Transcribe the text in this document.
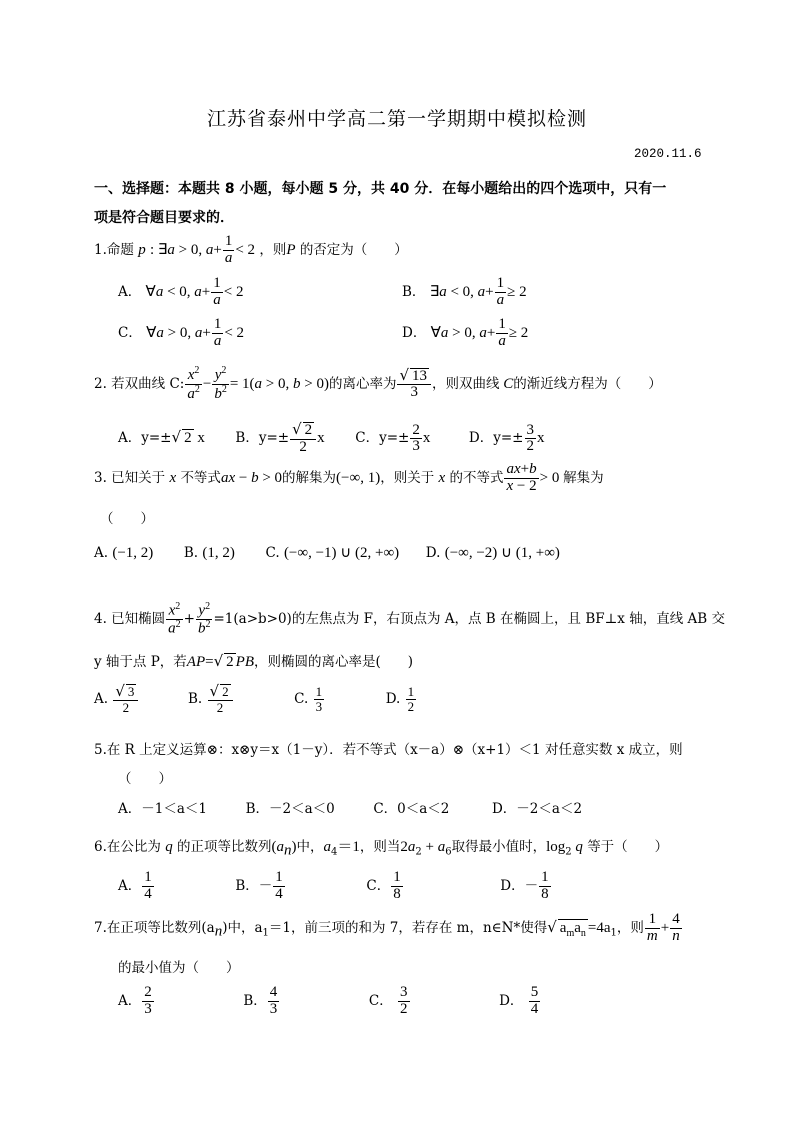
江苏省泰州中学高二第一学期期中模拟检测
2020.11.6
一、选择题：本题共 8 小题，每小题 5 分，共 40 分．在每小题给出的四个选项中，只有一
项是符合题目要求的．
1.命题 p : ∃a > 0, $a+ \frac{1}{a} < 2$ ，则P 的否定为（　　）
A． ∀a < 0, $a+ \frac{1}{a} < 2$	B． ∃a < 0, $a+ \frac{1}{a} \ge 2$
C． ∀a > 0, $a+ \frac{1}{a} < 2$	D． ∀a > 0, $a+ \frac{1}{a} \ge 2$
2. 若双曲线 C: $\frac{x^2}{a^2} - \frac{y^2}{b^2} = 1(a > 0$, b > 0)的离心率为 $\frac{√ 13}{3}$ ，则双曲线 C的渐近线方程为（　　）
A．y=±√ 2 x B．$y=\pm \frac{√ 2}{2}$ x C．$y=\pm \frac{2}{3}$ x	D．$y=\pm \frac{3}{2}$ x
3. 已知关于 x 不等式ax − b > 0的解集为(−∞, 1)，则关于 x 的不等式 $\frac{ax+b}{x - 2} > 0$ 解集为
（　　）
A. (−1, 2) B. (1, 2) C. (−∞, −1) ∪ (2, +∞) D. (−∞, −2) ∪ (1, +∞)
4. 已知椭圆 $\frac{x^2}{a^2} + \frac{y^2}{b^2} =1(a>b>0)$的左焦点为 F，右顶点为 A，点 B 在椭圆上，且 BF⊥x 轴，直线 AB 交
y 轴于点 P，若AP=√ 2 PB，则椭圆的离心率是(　　)
A. $\frac{√ 3}{2}$	B. $\frac{√ 2}{2}$	C. $\frac{1}{3}$	D. $\frac{1}{2}$
5.在 R 上定义运算⊗：x⊗y＝x（1－y）．若不等式（x－a）⊗（x+1）＜1 对任意实数 x 成立，则
（　　）
A．－1＜a＜1	B．－2＜a＜0	C．0＜a＜2	D．－2＜a＜2
6.在公比为 q 的正项等比数列$(a_n)$中，$a_4=1$，则当$2a_2 + a_6$取得最小值时，$\log_2 q$ 等于（　　）
A． $\frac{1}{4}$	B．－ $\frac{1}{4}$	C． $\frac{1}{8}$	D．－ $\frac{1}{8}$
7.在正项等比数列$(a_n)$中，$a_1=1$，前三项的和为 7，若存在 m，n∈N*使得√ $a_ma_n =4a_1$，则 $\frac{1}{m} + \frac{4}{n}$
的最小值为（　　）
A． $\frac{2}{3}$	B． $\frac{4}{3}$	C． $\frac{3}{2}$	D． $\frac{5}{4}$
